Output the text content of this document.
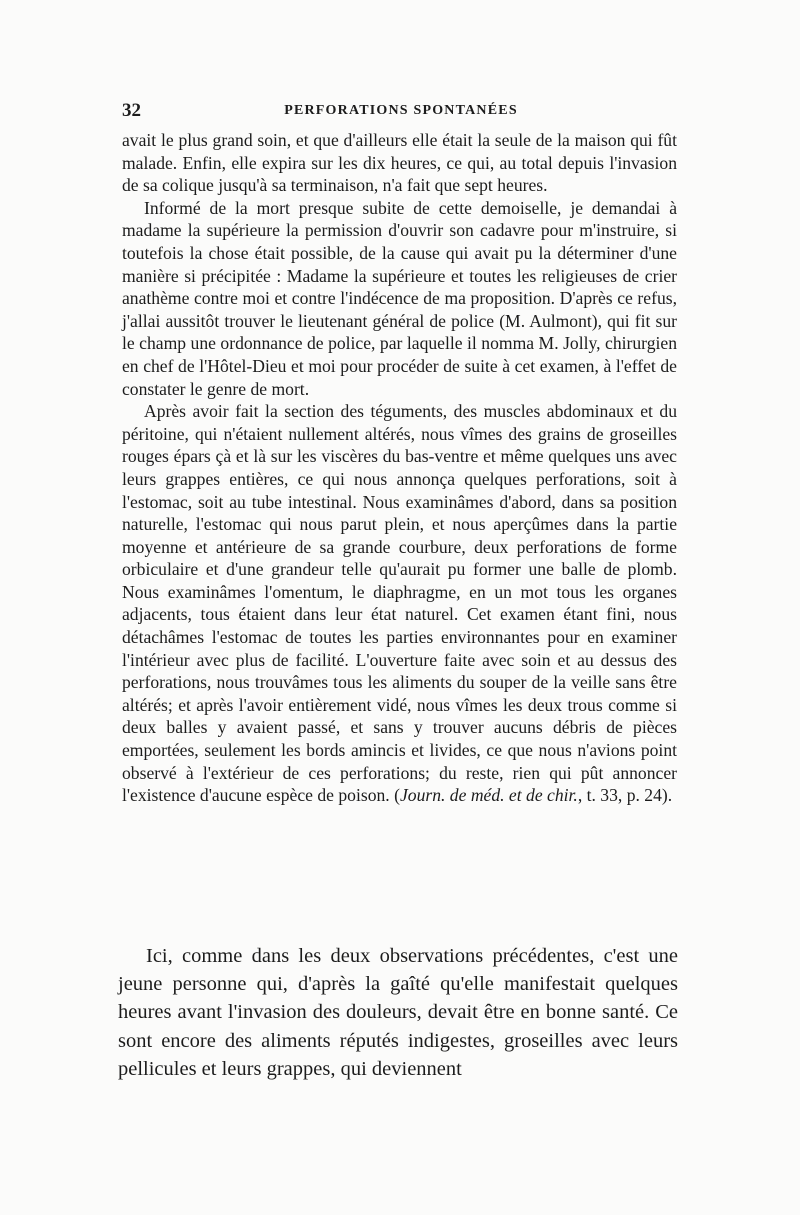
32	PERFORATIONS SPONTANÉES

avait le plus grand soin, et que d'ailleurs elle était la seule de la maison qui fût malade. Enfin, elle expira sur les dix heures, ce qui, au total depuis l'invasion de sa colique jusqu'à sa terminaison, n'a fait que sept heures.

Informé de la mort presque subite de cette demoiselle, je demandai à madame la supérieure la permission d'ouvrir son cadavre pour m'instruire, si toutefois la chose était possible, de la cause qui avait pu la déterminer d'une manière si précipitée : Madame la supérieure et toutes les religieuses de crier anathème contre moi et contre l'indécence de ma proposition. D'après ce refus, j'allai aussitôt trouver le lieutenant général de police (M. Aulmont), qui fit sur le champ une ordonnance de police, par laquelle il nomma M. Jolly, chirurgien en chef de l'Hôtel-Dieu et moi pour procéder de suite à cet examen, à l'effet de constater le genre de mort.

Après avoir fait la section des téguments, des muscles abdominaux et du péritoine, qui n'étaient nullement altérés, nous vîmes des grains de groseilles rouges épars çà et là sur les viscères du bas-ventre et même quelques uns avec leurs grappes entières, ce qui nous annonça quelques perforations, soit à l'estomac, soit au tube intestinal. Nous examinâmes d'abord, dans sa position naturelle, l'estomac qui nous parut plein, et nous aperçûmes dans la partie moyenne et antérieure de sa grande courbure, deux perforations de forme orbiculaire et d'une grandeur telle qu'aurait pu former une balle de plomb. Nous examinâmes l'omentum, le diaphragme, en un mot tous les organes adjacents, tous étaient dans leur état naturel. Cet examen étant fini, nous détachâmes l'estomac de toutes les parties environnantes pour en examiner l'intérieur avec plus de facilité. L'ouverture faite avec soin et au dessus des perforations, nous trouvâmes tous les aliments du souper de la veille sans être altérés; et après l'avoir entièrement vidé, nous vîmes les deux trous comme si deux balles y avaient passé, et sans y trouver aucuns débris de pièces emportées, seulement les bords amincis et livides, ce que nous n'avions point observé à l'extérieur de ces perforations; du reste, rien qui pût annoncer l'existence d'aucune espèce de poison. (Journ. de méd. et de chir., t. 33, p. 24).

Ici, comme dans les deux observations précédentes, c'est une jeune personne qui, d'après la gaîté qu'elle manifestait quelques heures avant l'invasion des douleurs, devait être en bonne santé. Ce sont encore des aliments réputés indigestes, groseilles avec leurs pellicules et leurs grappes, qui deviennent
